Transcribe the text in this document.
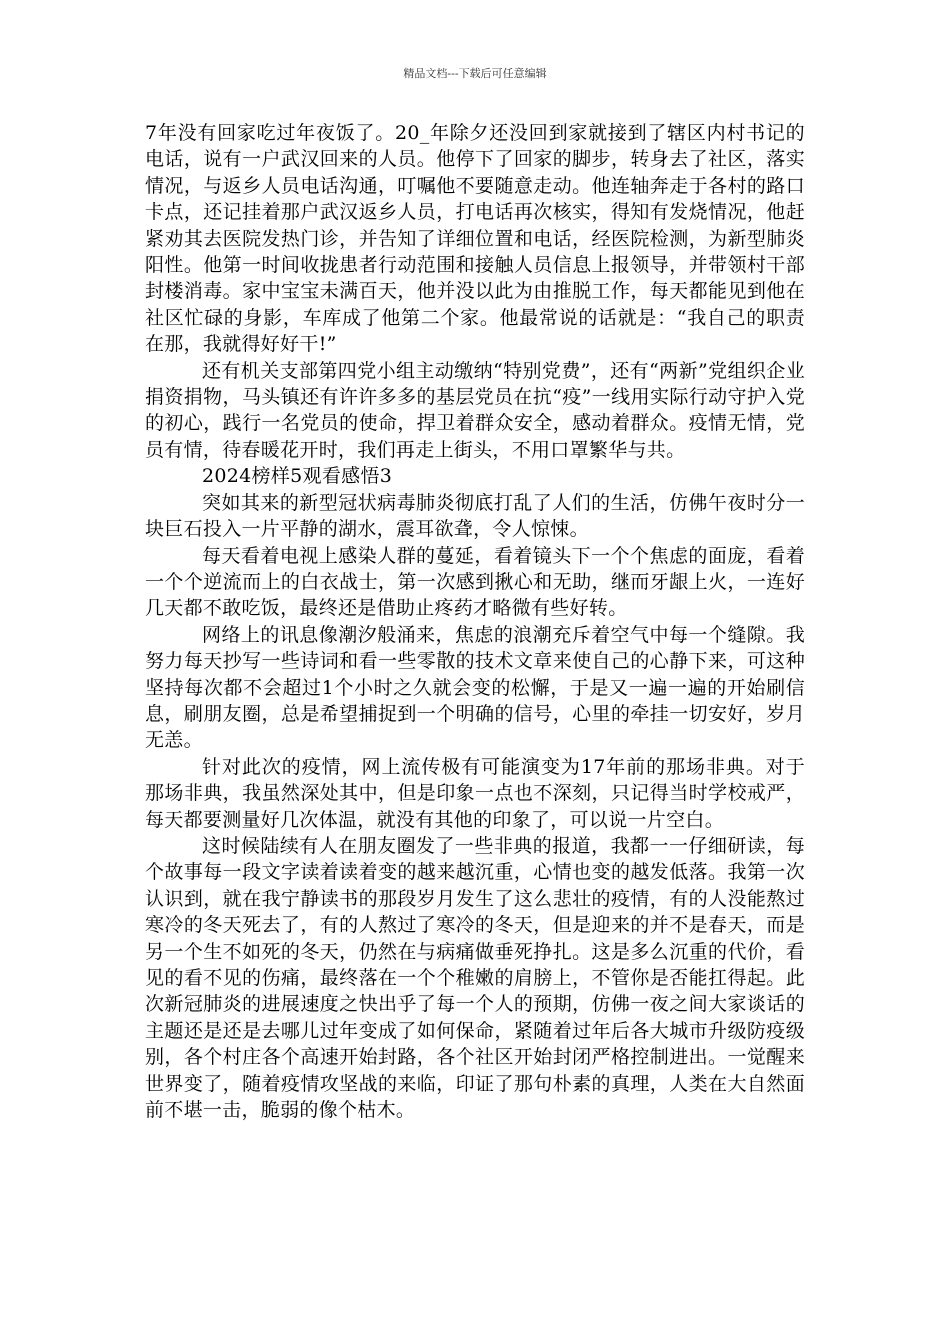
精品文档---下载后可任意编辑

7年没有回家吃过年夜饭了。20_年除夕还没回到家就接到了辖区内村书记的电话，说有一户武汉回来的人员。他停下了回家的脚步，转身去了社区，落实情况，与返乡人员电话沟通，叮嘱他不要随意走动。他连轴奔走于各村的路口卡点，还记挂着那户武汉返乡人员，打电话再次核实，得知有发烧情况，他赶紧劝其去医院发热门诊，并告知了详细位置和电话，经医院检测，为新型肺炎阳性。他第一时间收拢患者行动范围和接触人员信息上报领导，并带领村干部封楼消毒。家中宝宝未满百天，他并没以此为由推脱工作，每天都能见到他在社区忙碌的身影，车库成了他第二个家。他最常说的话就是：“我自己的职责在那，我就得好好干!”

还有机关支部第四党小组主动缴纳“特别党费”，还有“两新”党组织企业捐资捐物，马头镇还有许许多多的基层党员在抗“疫”一线用实际行动守护入党的初心，践行一名党员的使命，捍卫着群众安全，感动着群众。疫情无情，党员有情，待春暖花开时，我们再走上街头，不用口罩繁华与共。

2024榜样5观看感悟3

突如其来的新型冠状病毒肺炎彻底打乱了人们的生活，仿佛午夜时分一块巨石投入一片平静的湖水，震耳欲聋，令人惊悚。

每天看着电视上感染人群的蔓延，看着镜头下一个个焦虑的面庞，看着一个个逆流而上的白衣战士，第一次感到揪心和无助，继而牙龈上火，一连好几天都不敢吃饭，最终还是借助止疼药才略微有些好转。

网络上的讯息像潮汐般涌来，焦虑的浪潮充斥着空气中每一个缝隙。我努力每天抄写一些诗词和看一些零散的技术文章来使自己的心静下来，可这种坚持每次都不会超过1个小时之久就会变的松懈，于是又一遍一遍的开始刷信息，刷朋友圈，总是希望捕捉到一个明确的信号，心里的牵挂一切安好，岁月无恙。

针对此次的疫情，网上流传极有可能演变为17年前的那场非典。对于那场非典，我虽然深处其中，但是印象一点也不深刻，只记得当时学校戒严，每天都要测量好几次体温，就没有其他的印象了，可以说一片空白。

这时候陆续有人在朋友圈发了一些非典的报道，我都一一仔细研读，每个故事每一段文字读着读着变的越来越沉重，心情也变的越发低落。我第一次认识到，就在我宁静读书的那段岁月发生了这么悲壮的疫情，有的人没能熬过寒冷的冬天死去了，有的人熬过了寒冷的冬天，但是迎来的并不是春天，而是另一个生不如死的冬天，仍然在与病痛做垂死挣扎。这是多么沉重的代价，看见的看不见的伤痛，最终落在一个个稚嫩的肩膀上，不管你是否能扛得起。此次新冠肺炎的进展速度之快出乎了每一个人的预期，仿佛一夜之间大家谈话的主题还是还是去哪儿过年变成了如何保命，紧随着过年后各大城市升级防疫级别，各个村庄各个高速开始封路，各个社区开始封闭严格控制进出。一觉醒来世界变了，随着疫情攻坚战的来临，印证了那句朴素的真理，人类在大自然面前不堪一击，脆弱的像个枯木。
